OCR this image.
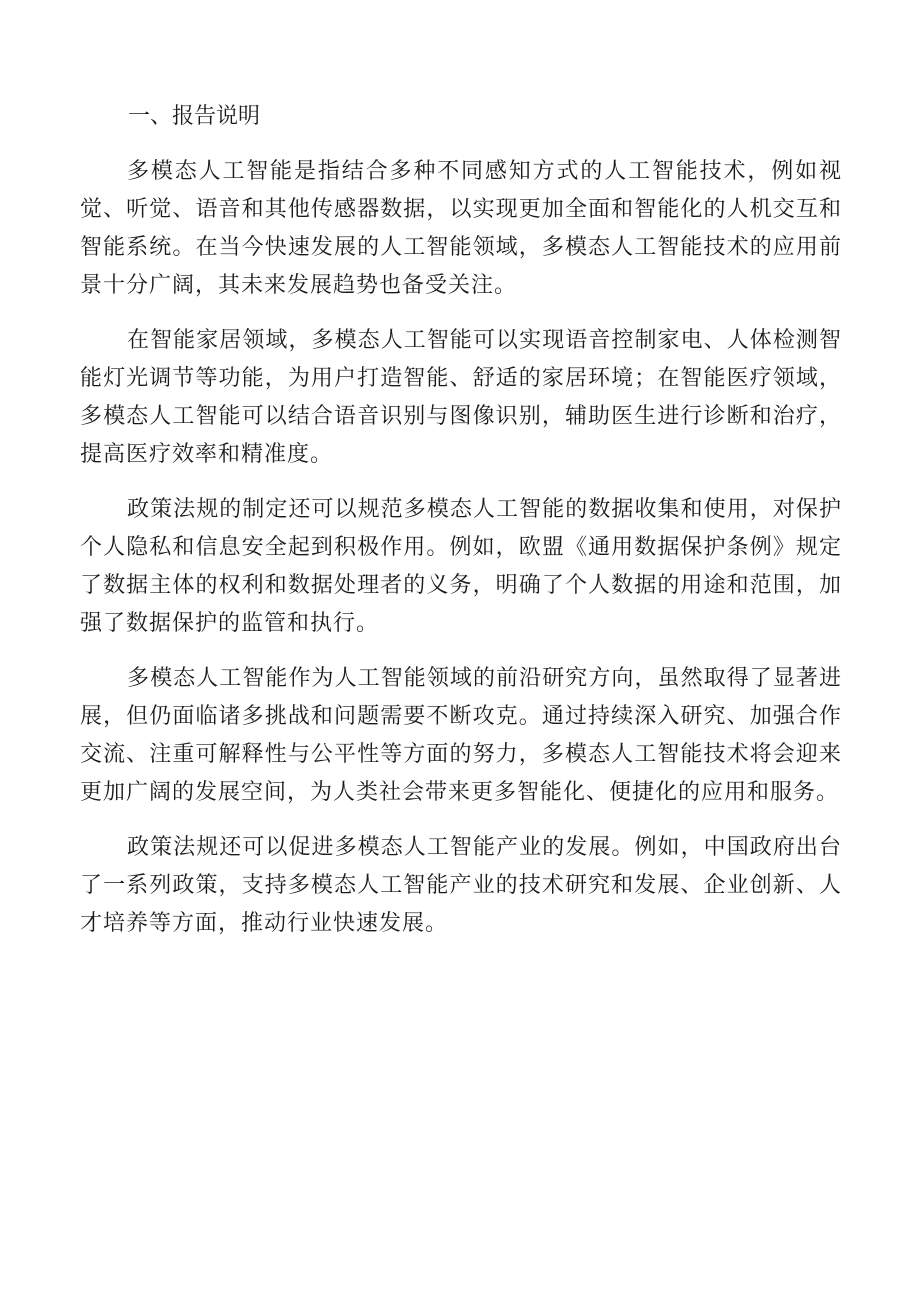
一、报告说明

多模态人工智能是指结合多种不同感知方式的人工智能技术，例如视觉、听觉、语音和其他传感器数据，以实现更加全面和智能化的人机交互和智能系统。在当今快速发展的人工智能领域，多模态人工智能技术的应用前景十分广阔，其未来发展趋势也备受关注。

在智能家居领域，多模态人工智能可以实现语音控制家电、人体检测智能灯光调节等功能，为用户打造智能、舒适的家居环境；在智能医疗领域，多模态人工智能可以结合语音识别与图像识别，辅助医生进行诊断和治疗，提高医疗效率和精准度。

政策法规的制定还可以规范多模态人工智能的数据收集和使用，对保护个人隐私和信息安全起到积极作用。例如，欧盟《通用数据保护条例》规定了数据主体的权利和数据处理者的义务，明确了个人数据的用途和范围，加强了数据保护的监管和执行。

多模态人工智能作为人工智能领域的前沿研究方向，虽然取得了显著进展，但仍面临诸多挑战和问题需要不断攻克。通过持续深入研究、加强合作交流、注重可解释性与公平性等方面的努力，多模态人工智能技术将会迎来更加广阔的发展空间，为人类社会带来更多智能化、便捷化的应用和服务。

政策法规还可以促进多模态人工智能产业的发展。例如，中国政府出台了一系列政策，支持多模态人工智能产业的技术研究和发展、企业创新、人才培养等方面，推动行业快速发展。
